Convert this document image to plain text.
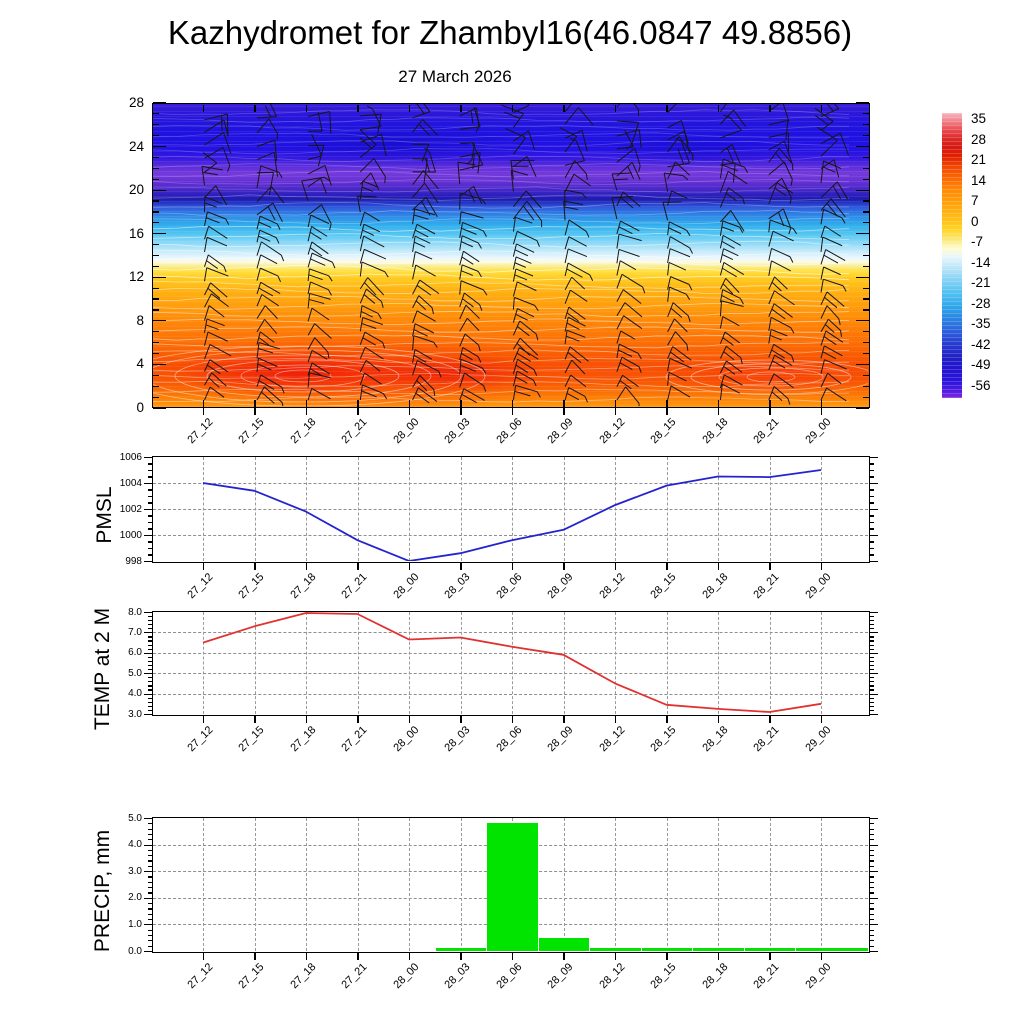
Kazhydromet for Zhambyl16(46.0847 49.8856)
27 March 2026
PMSL
TEMP at 2 M
PRECIP, mm
0
4
8
12
16
20
24
28
27_12	27_15	27_18	27_21	28_00	28_03	28_06	28_09	28_12	28_15	28_18	28_21	29_00
35
28
21
14
7
0
-7
-14
-21
-28
-35
-42
-49
-56
998
1000
1002
1004
1006
27_12	27_15	27_18	27_21	28_00	28_03	28_06	28_09	28_12	28_15	28_18	28_21	29_00
3.0
4.0
5.0
6.0
7.0
8.0
27_12	27_15	27_18	27_21	28_00	28_03	28_06	28_09	28_12	28_15	28_18	28_21	29_00
0.0
1.0
2.0
3.0
4.0
5.0
27_12	27_15	27_18	27_21	28_00	28_03	28_06	28_09	28_12	28_15	28_18	28_21	29_00
